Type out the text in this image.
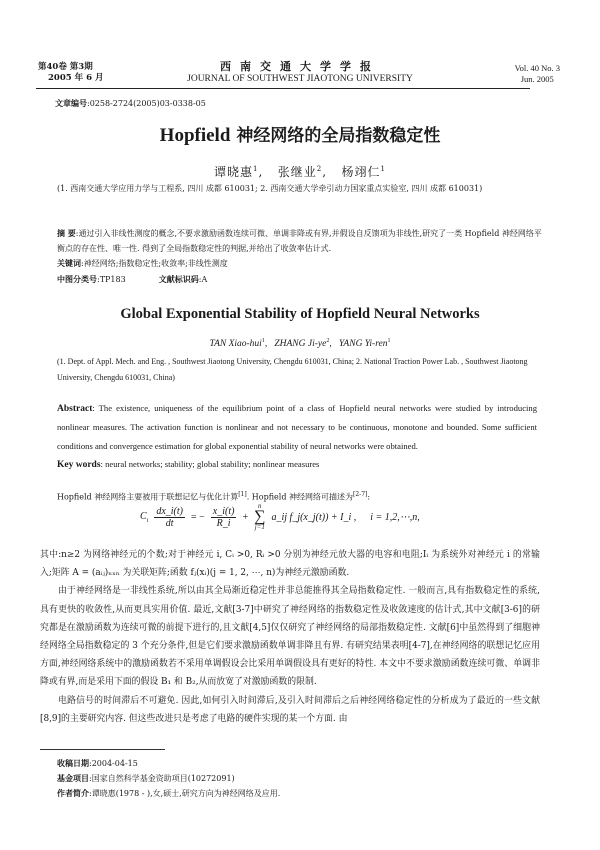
第40卷 第3期
2005 年 6 月
西南交通大学学报
JOURNAL OF SOUTHWEST JIAOTONG UNIVERSITY
Vol. 40 No. 3
Jun. 2005
文章编号:0258-2724(2005)03-0338-05
Hopfield 神经网络的全局指数稳定性
谭晓惠$^1$,   张继业$^2$,   杨翊仁$^1$
(1. 西南交通大学应用力学与工程系, 四川 成都 610031; 2. 西南交通大学牵引动力国家重点实验室, 四川 成都 610031)
摘 要:通过引入非线性测度的概念,不要求激励函数连续可微、单调非降或有界,并假设自反馈项为非线性,研究了一类 Hopfield 神经网络平衡点的存在性、唯一性. 得到了全局指数稳定性的判据,并给出了收敛率估计式.
关键词:神经网络;指数稳定性;收敛率;非线性测度
中图分类号:TP183	文献标识码:A
Global Exponential Stability of Hopfield Neural Networks
TAN Xiao-hui$^1$,   ZHANG $Ji-ye^2$,   YANG Yi-ren$^1$
(1. Dept. of Appl. Mech. and Eng. , Southwest Jiaotong University, Chengdu 610031, China; 2. National Traction Power Lab. , Southwest Jiaotong University, Chengdu 610031, China)
Abstract: The existence, uniqueness of the equilibrium point of a class of Hopfield neural networks were studied by introducing nonlinear measures. The activation function is nonlinear and not necessary to be continuous, monotone and bounded. Some sufficient conditions and convergence estimation for global exponential stability of neural networks were obtained.
Key words: neural networks; stability; global stability; nonlinear measures
Hopfield 神经网络主要被用于联想记忆与优化计算[1]. Hopfield 神经网络可描述为[2-7]:
$C_i \frac{dx\_i(t)}{dt}$ = − $\frac{x\_i(t)}{R\_i}$ +
n
∑
j=1
a_ij f_j(x_j(t)) + I_i , i = 1,2,⋯,n,

其中:n≥2 为网络神经元的个数;对于神经元 i, Cᵢ >0, Rᵢ >0 分别为神经元放大器的电容和电阻;Iᵢ 为系统外对神经元 i 的常输入;矩阵 A = (aᵢⱼ)ₙₓₙ 为关联矩阵;函数 fⱼ(xᵢ)(j = 1, 2, ⋯, n)为神经元激励函数.

由于神经网络是一非线性系统,所以由其全局渐近稳定性并非总能推得其全局指数稳定性. 一般而言,具有指数稳定性的系统,具有更快的收敛性,从而更具实用价值. 最近,文献[3-7]中研究了神经网络的指数稳定性及收敛速度的估计式,其中文献[3-6]的研究都是在激励函数为连续可微的前提下进行的,且文献[4,5]仅仅研究了神经网络的局部指数稳定性. 文献[6]中虽然得到了细胞神经网络全局指数稳定的 3 个充分条件,但是它们要求激励函数单调非降且有界. 有研究结果表明[4-7],在神经网络的联想记忆应用方面,神经网络系统中的激励函数若不采用单调假设会比采用单调假设具有更好的特性. 本文中不要求激励函数连续可微、单调非降或有界,而是采用下面的假设 B₁ 和 B₂,从而放宽了对激励函数的限制.

电路信号的时间滞后不可避免. 因此,如何引入时间滞后,及引入时间滞后之后神经网络稳定性的分析成为了最近的一些文献[8,9]的主要研究内容. 但这些改进只是考虑了电路的硬件实现的某一个方面. 由

收稿日期:2004-04-15
基金项目:国家自然科学基金资助项目(10272091)
作者简介:谭晓惠(1978 - ),女,硕士,研究方向为神经网络及应用.
